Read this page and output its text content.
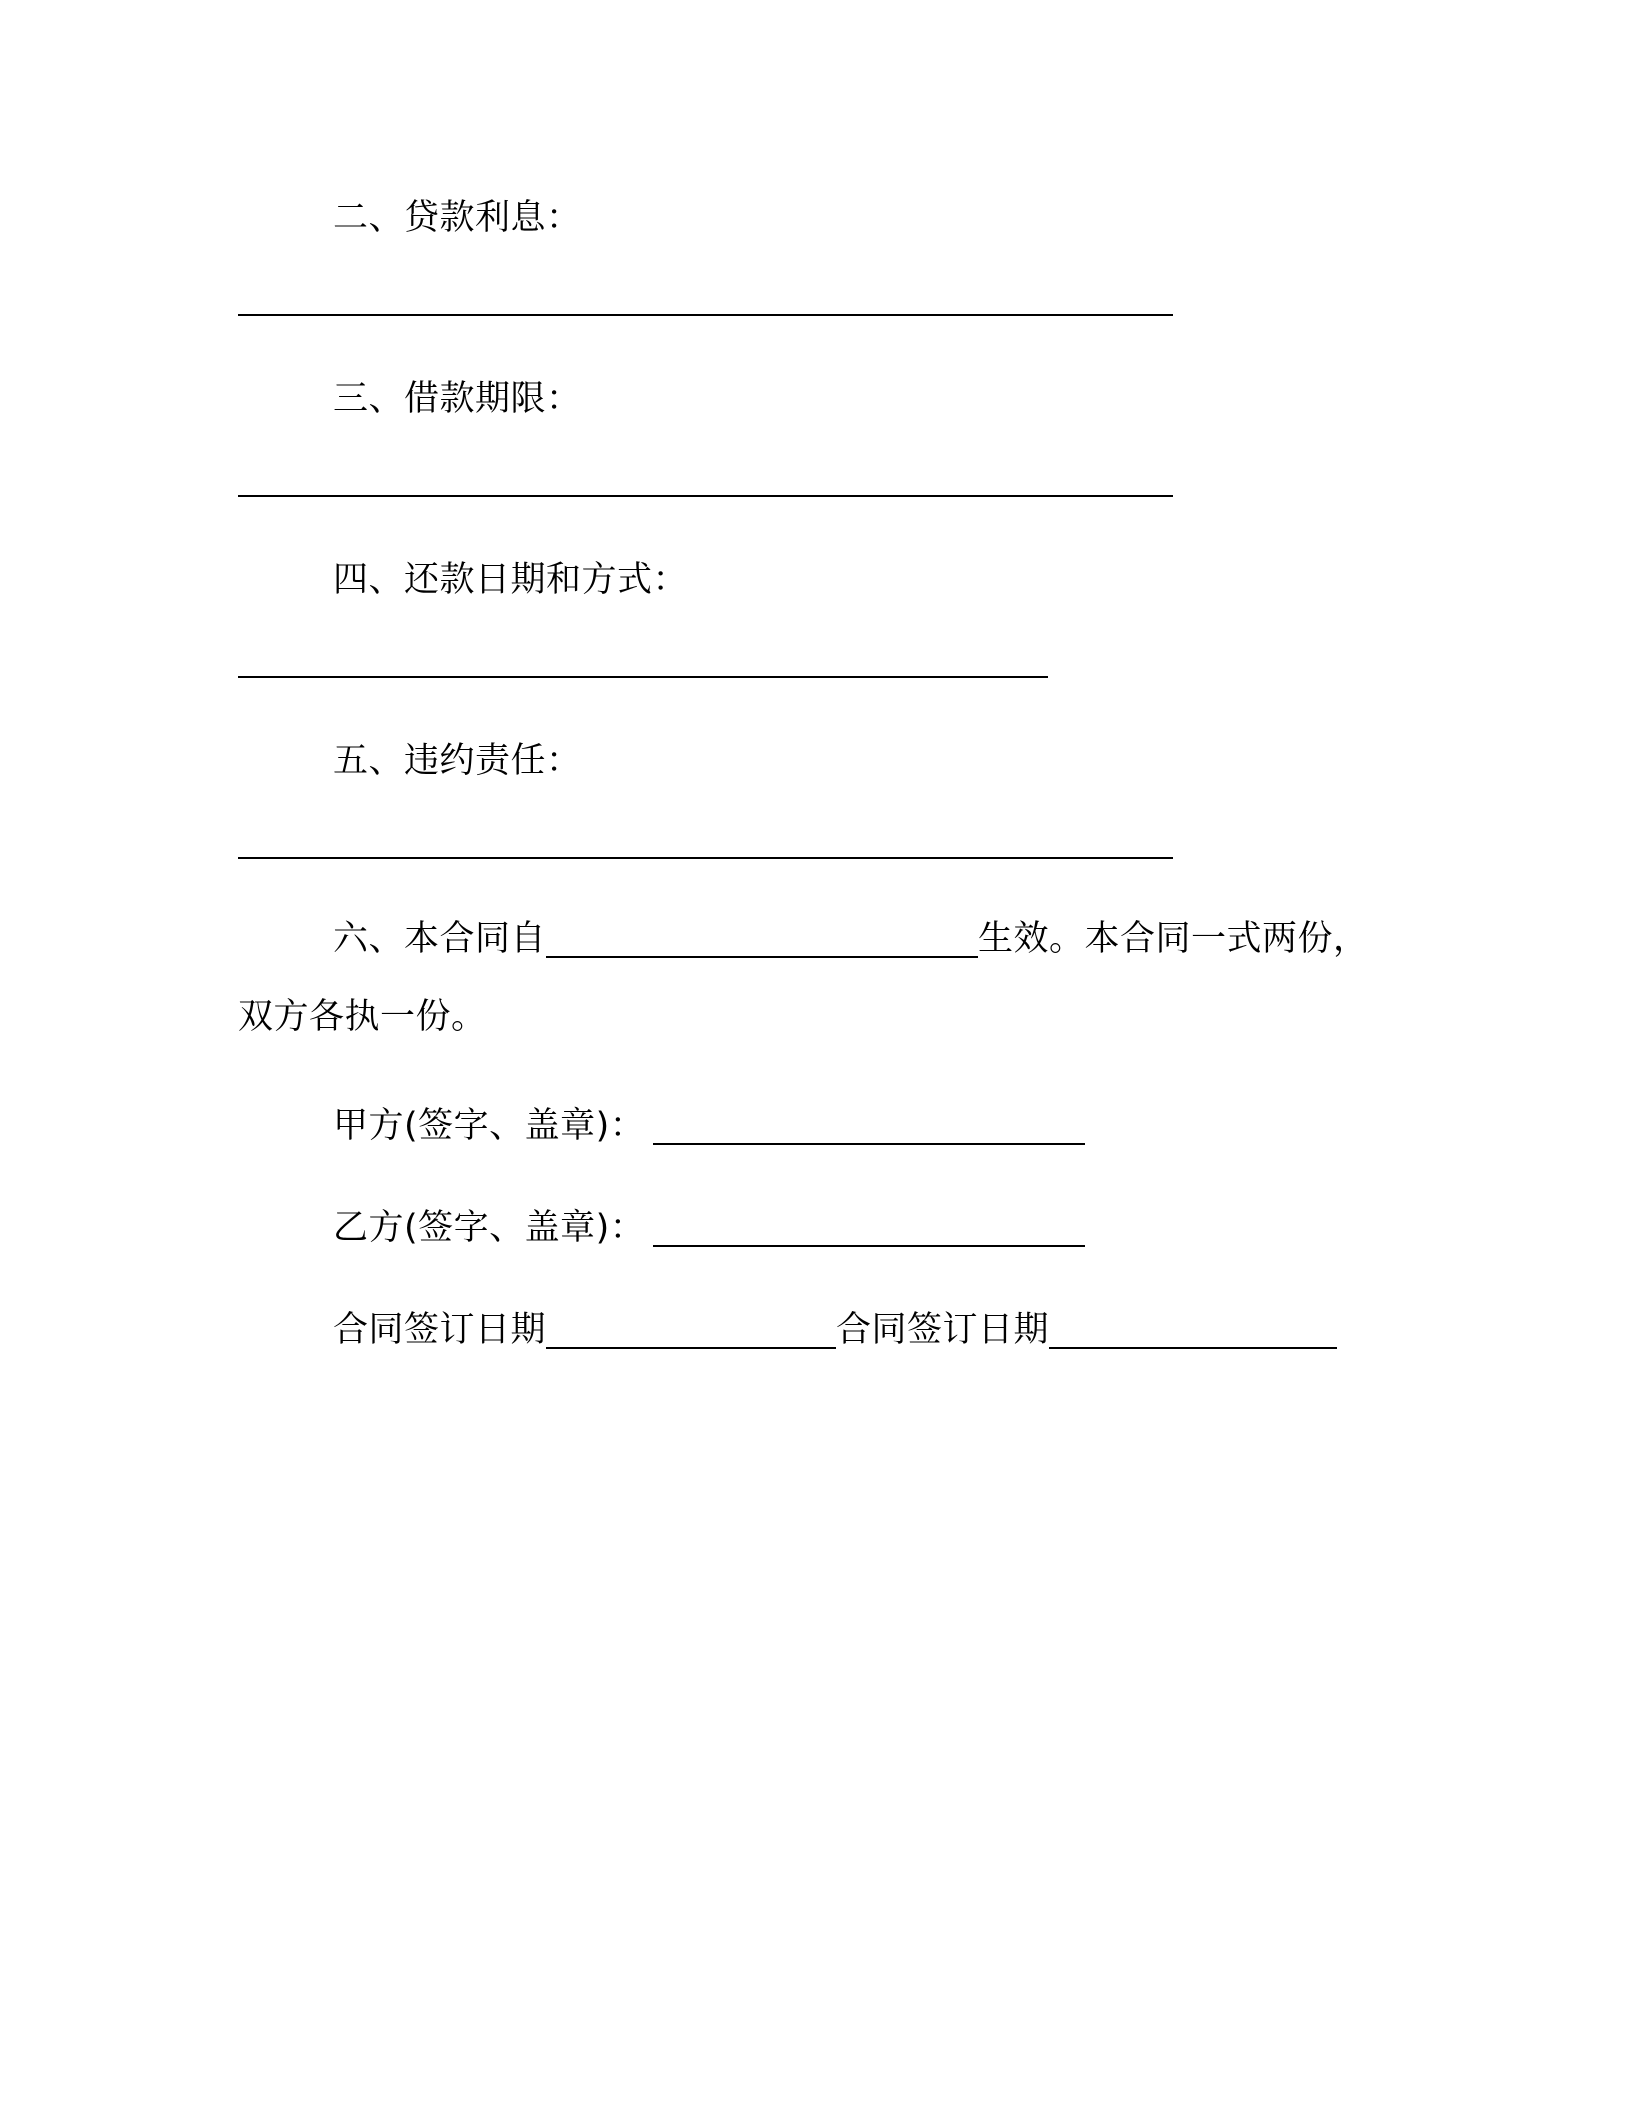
二、贷款利息：
三、借款期限：
四、还款日期和方式：
五、违约责任：
六、本合同自	生效。本合同一式两份，
双方各执一份。
甲方(签字、盖章)：
乙方(签字、盖章)：
合同签订日期	合同签订日期
